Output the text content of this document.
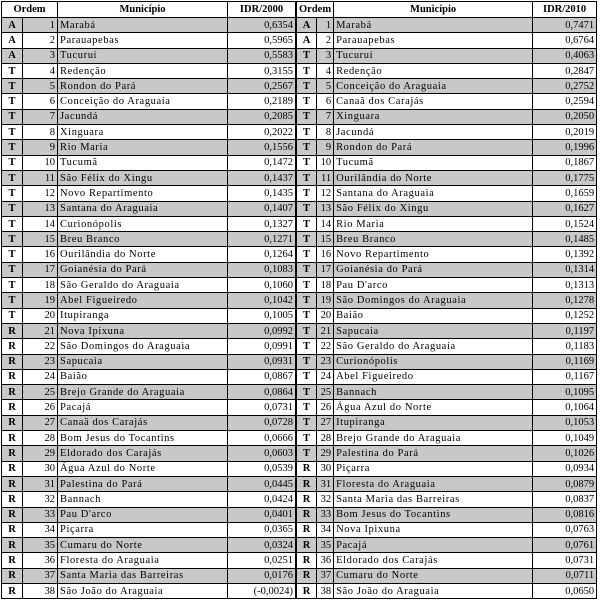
Ordem		Município	IDR/2000
A	1	Marabá	0,6354
A	2	Parauapebas	0,5965
A	3	Tucuruí	0,5583
T	4	Redenção	0,3155
T	5	Rondon do Pará	0,2567
T	6	Conceição do Araguaia	0,2189
T	7	Jacundá	0,2085
T	8	Xinguara	0,2022
T	9	Rio Maria	0,1556
T	10	Tucumã	0,1472
T	11	São Félix do Xingu	0,1437
T	12	Novo Repartimento	0,1435
T	13	Santana do Araguaia	0,1407
T	14	Curionópolis	0,1327
T	15	Breu Branco	0,1271
T	16	Ourilândia do Norte	0,1264
T	17	Goianésia do Pará	0,1083
T	18	São Geraldo do Araguaia	0,1060
T	19	Abel Figueiredo	0,1042
T	20	Itupiranga	0,1005
R	21	Nova Ipixuna	0,0992
R	22	São Domingos do Araguaia	0,0991
R	23	Sapucaia	0,0931
R	24	Baião	0,0867
R	25	Brejo Grande do Araguaia	0,0864
R	26	Pacajá	0,0731
R	27	Canaã dos Carajás	0,0728
R	28	Bom Jesus do Tocantins	0,0666
R	29	Eldorado dos Carajás	0,0603
R	30	Água Azul do Norte	0,0539
R	31	Palestina do Pará	0,0445
R	32	Bannach	0,0424
R	33	Pau D'arco	0,0401
R	34	Piçarra	0,0365
R	35	Cumaru do Norte	0,0324
R	36	Floresta do Araguaia	0,0251
R	37	Santa Maria das Barreiras	0,0176
R	38	São João do Araguaia	(-0,0024)
Ordem		Município	IDR/2010
A	1	Marabá	0,7471
A	2	Parauapebas	0,6764
T	3	Tucuruí	0,4063
T	4	Redenção	0,2847
T	5	Conceição do Araguaia	0,2752
T	6	Canaã dos Carajás	0,2594
T	7	Xinguara	0,2050
T	8	Jacundá	0,2019
T	9	Rondon do Pará	0,1996
T	10	Tucumã	0,1867
T	11	Ourilândia do Norte	0,1775
T	12	Santana do Araguaia	0,1659
T	13	São Félix do Xingu	0,1627
T	14	Rio Maria	0,1524
T	15	Breu Branco	0,1485
T	16	Novo Repartimento	0,1392
T	17	Goianésia do Pará	0,1314
T	18	Pau D'arco	0,1313
T	19	São Domingos do Araguaia	0,1278
T	20	Baião	0,1252
T	21	Sapucaia	0,1197
T	22	São Geraldo do Araguaia	0,1183
T	23	Curionópolis	0,1169
T	24	Abel Figueiredo	0,1167
T	25	Bannach	0,1095
T	26	Água Azul do Norte	0,1064
T	27	Itupiranga	0,1053
T	28	Brejo Grande do Araguaia	0,1049
T	29	Palestina do Pará	0,1026
R	30	Piçarra	0,0934
R	31	Floresta do Araguaia	0,0879
R	32	Santa Maria das Barreiras	0,0837
R	33	Bom Jesus do Tocantins	0,0816
R	34	Nova Ipixuna	0,0763
R	35	Pacajá	0,0761
R	36	Eldorado dos Carajás	0,0731
R	37	Cumaru do Norte	0,0711
R	38	São João do Araguaia	0,0650
